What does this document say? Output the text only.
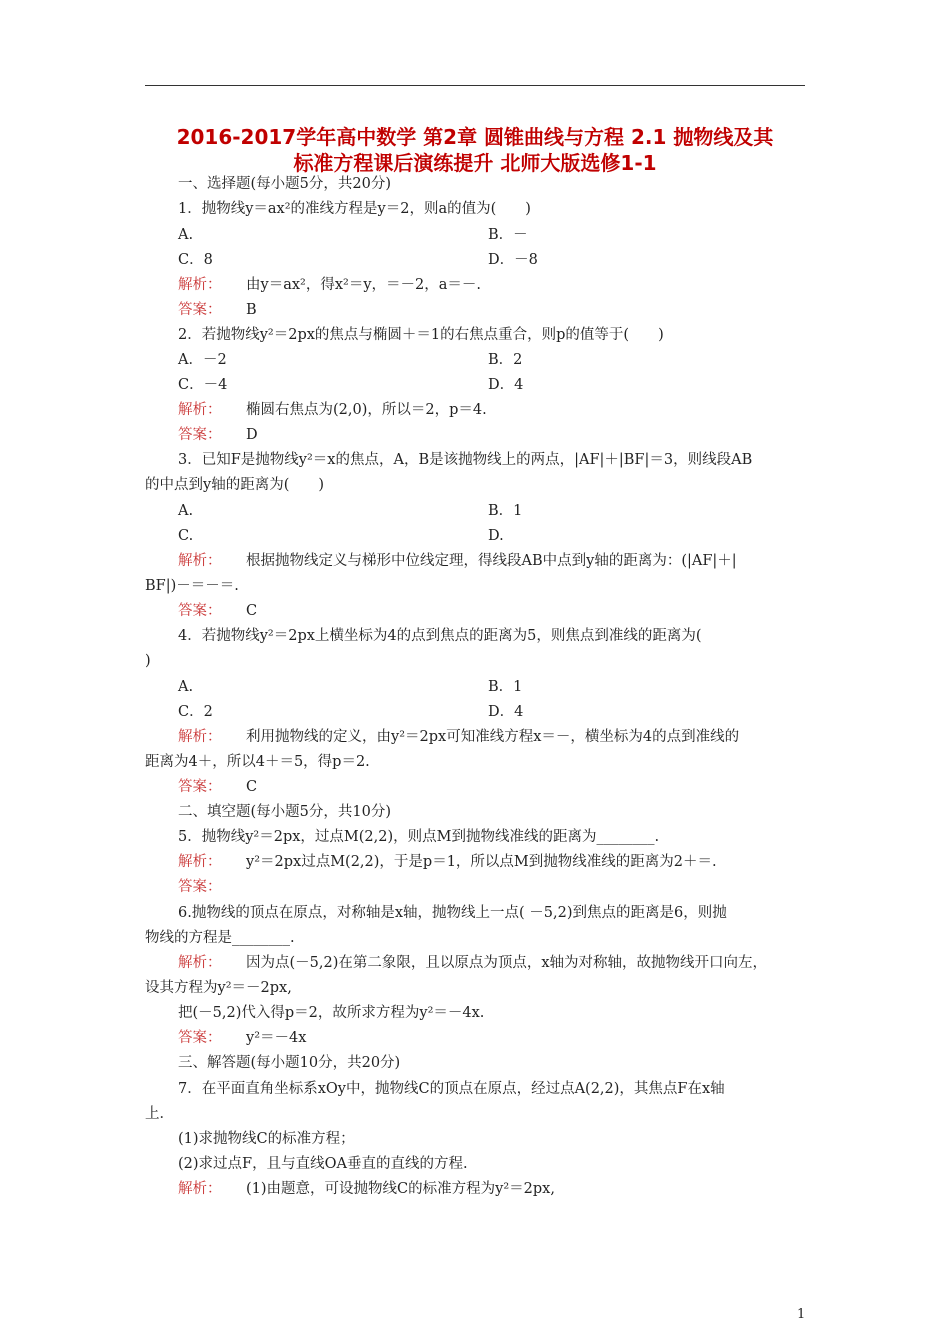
2016-2017学年高中数学 第2章 圆锥曲线与方程 2.1 抛物线及其
标准方程课后演练提升 北师大版选修1-1
一、选择题(每小题5分，共20分)
1．抛物线y＝ax²的准线方程是y＝2，则a的值为(　　)
A.	B．－
C．8	D．－8
解析： 由y＝ax²，得x²＝y，＝－2，a＝－.
答案： B
2．若抛物线y²＝2px的焦点与椭圆＋＝1的右焦点重合，则p的值等于(　　)
A．－2	B．2
C．－4	D．4
解析： 椭圆右焦点为(2,0)，所以＝2，p＝4.
答案： D
3．已知F是抛物线y²＝x的焦点，A，B是该抛物线上的两点，|AF|＋|BF|＝3，则线段AB
的中点到y轴的距离为(　　)
A.	B．1
C.	D.
解析： 根据抛物线定义与梯形中位线定理，得线段AB中点到y轴的距离为：(|AF|＋|
BF|)－＝－＝.
答案： C
4．若抛物线y²＝2px上横坐标为4的点到焦点的距离为5，则焦点到准线的距离为(
)
A.	B．1
C．2	D．4
解析： 利用抛物线的定义，由y²＝2px可知准线方程x＝－，横坐标为4的点到准线的
距离为4＋，所以4＋＝5，得p＝2.
答案： C
二、填空题(每小题5分，共10分)
5．抛物线y²＝2px，过点M(2,2)，则点M到抛物线准线的距离为________.
解析： y²＝2px过点M(2,2)，于是p＝1，所以点M到抛物线准线的距离为2＋＝.
答案：
6.抛物线的顶点在原点，对称轴是x轴，抛物线上一点( －5,2)到焦点的距离是6，则抛
物线的方程是________.
解析： 因为点(－5,2)在第二象限，且以原点为顶点，x轴为对称轴，故抛物线开口向左，
设其方程为y²＝－2px,
把(－5,2)代入得p＝2，故所求方程为y²＝－4x.
答案： y²＝－4x
三、解答题(每小题10分，共20分)
7．在平面直角坐标系xOy中，抛物线C的顶点在原点，经过点A(2,2)，其焦点F在x轴
上．
(1)求抛物线C的标准方程；
(2)求过点F，且与直线OA垂直的直线的方程.
解析： (1)由题意，可设抛物线C的标准方程为y²＝2px,
1
